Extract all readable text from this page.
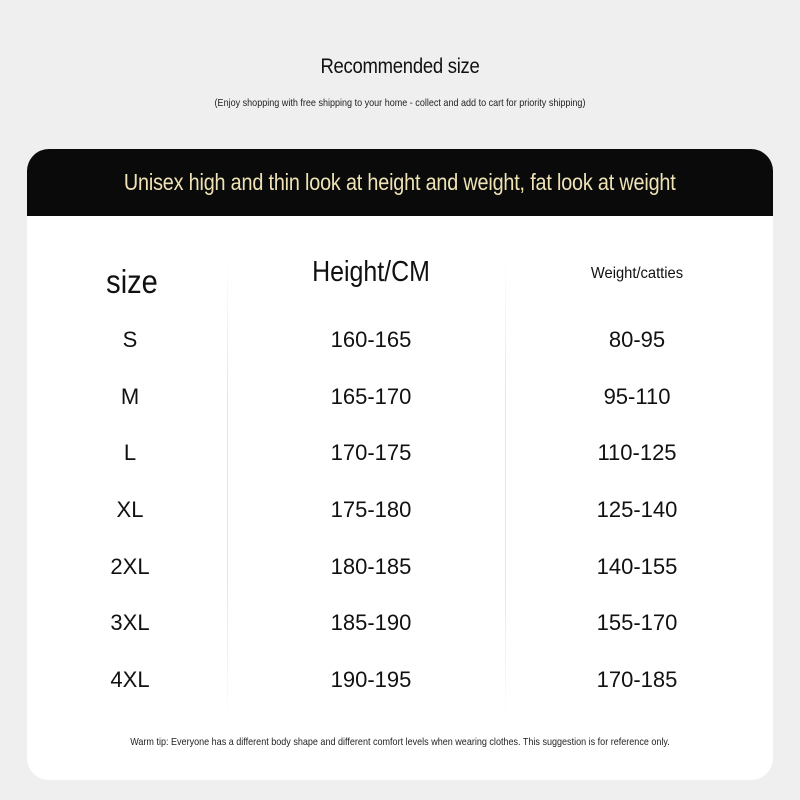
Recommended size
(Enjoy shopping with free shipping to your home - collect and add to cart for priority shipping)
Unisex high and thin look at height and weight, fat look at weight
size	Height/CM	Weight/catties
S	160-165	80-95
M	165-170	95-110
L	170-175	110-125
XL	175-180	125-140
2XL	180-185	140-155
3XL	185-190	155-170
4XL	190-195	170-185
Warm tip: Everyone has a different body shape and different comfort levels when wearing clothes. This suggestion is for reference only.
